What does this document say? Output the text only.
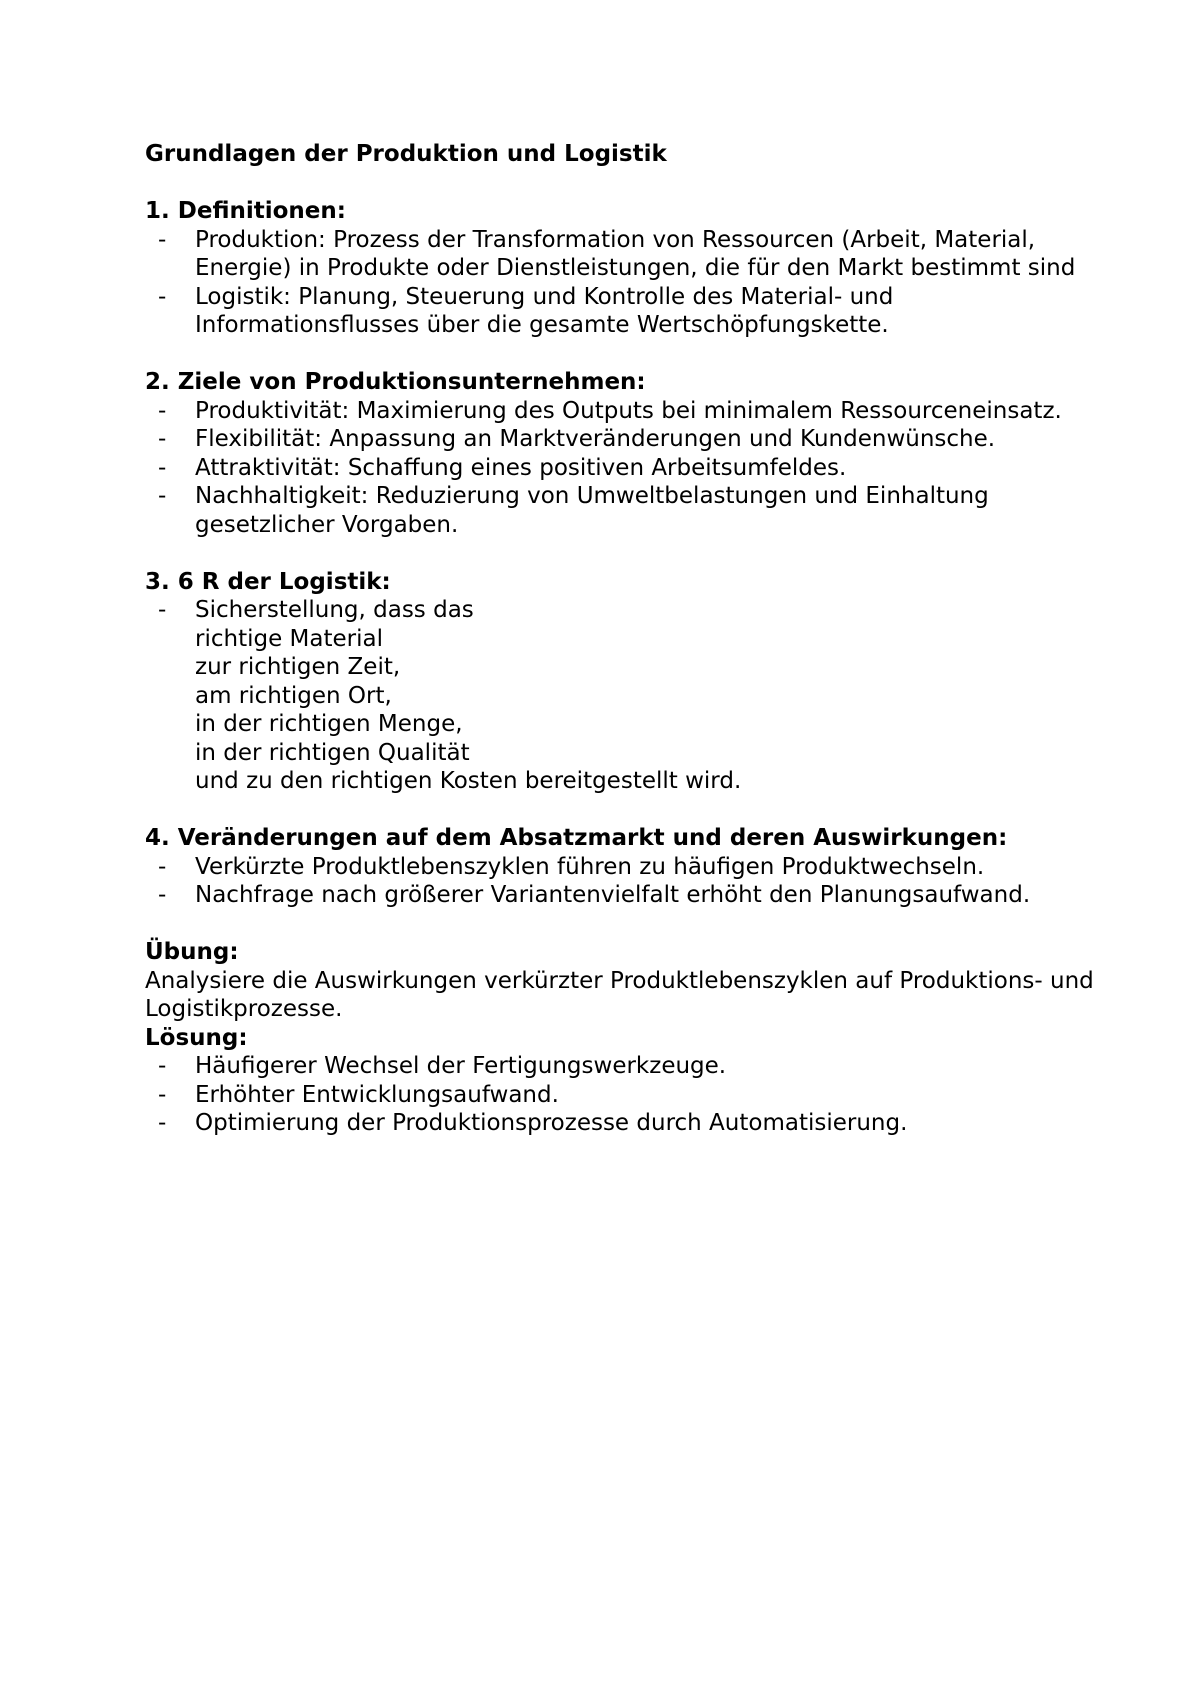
Grundlagen der Produktion und Logistik

1. Definitionen:

- Produktion: Prozess der Transformation von Ressourcen (Arbeit, Material, Energie) in Produkte oder Dienstleistungen, die für den Markt bestimmt sind
- Logistik: Planung, Steuerung und Kontrolle des Material- und Informationsflusses über die gesamte Wertschöpfungskette.

2. Ziele von Produktionsunternehmen:

- Produktivität: Maximierung des Outputs bei minimalem Ressourceneinsatz.
- Flexibilität: Anpassung an Marktveränderungen und Kundenwünsche.
- Attraktivität: Schaffung eines positiven Arbeitsumfeldes.
- Nachhaltigkeit: Reduzierung von Umweltbelastungen und Einhaltung gesetzlicher Vorgaben.

3. 6 R der Logistik:

- Sicherstellung, dass das
richtige Material
zur richtigen Zeit,
am richtigen Ort,
in der richtigen Menge,
in der richtigen Qualität
und zu den richtigen Kosten bereitgestellt wird.

4. Veränderungen auf dem Absatzmarkt und deren Auswirkungen:

- Verkürzte Produktlebenszyklen führen zu häufigen Produktwechseln.
- Nachfrage nach größerer Variantenvielfalt erhöht den Planungsaufwand.

Übung:

Analysiere die Auswirkungen verkürzter Produktlebenszyklen auf Produktions- und Logistikprozesse.

Lösung:

- Häufigerer Wechsel der Fertigungswerkzeuge.
- Erhöhter Entwicklungsaufwand.
- Optimierung der Produktionsprozesse durch Automatisierung.
